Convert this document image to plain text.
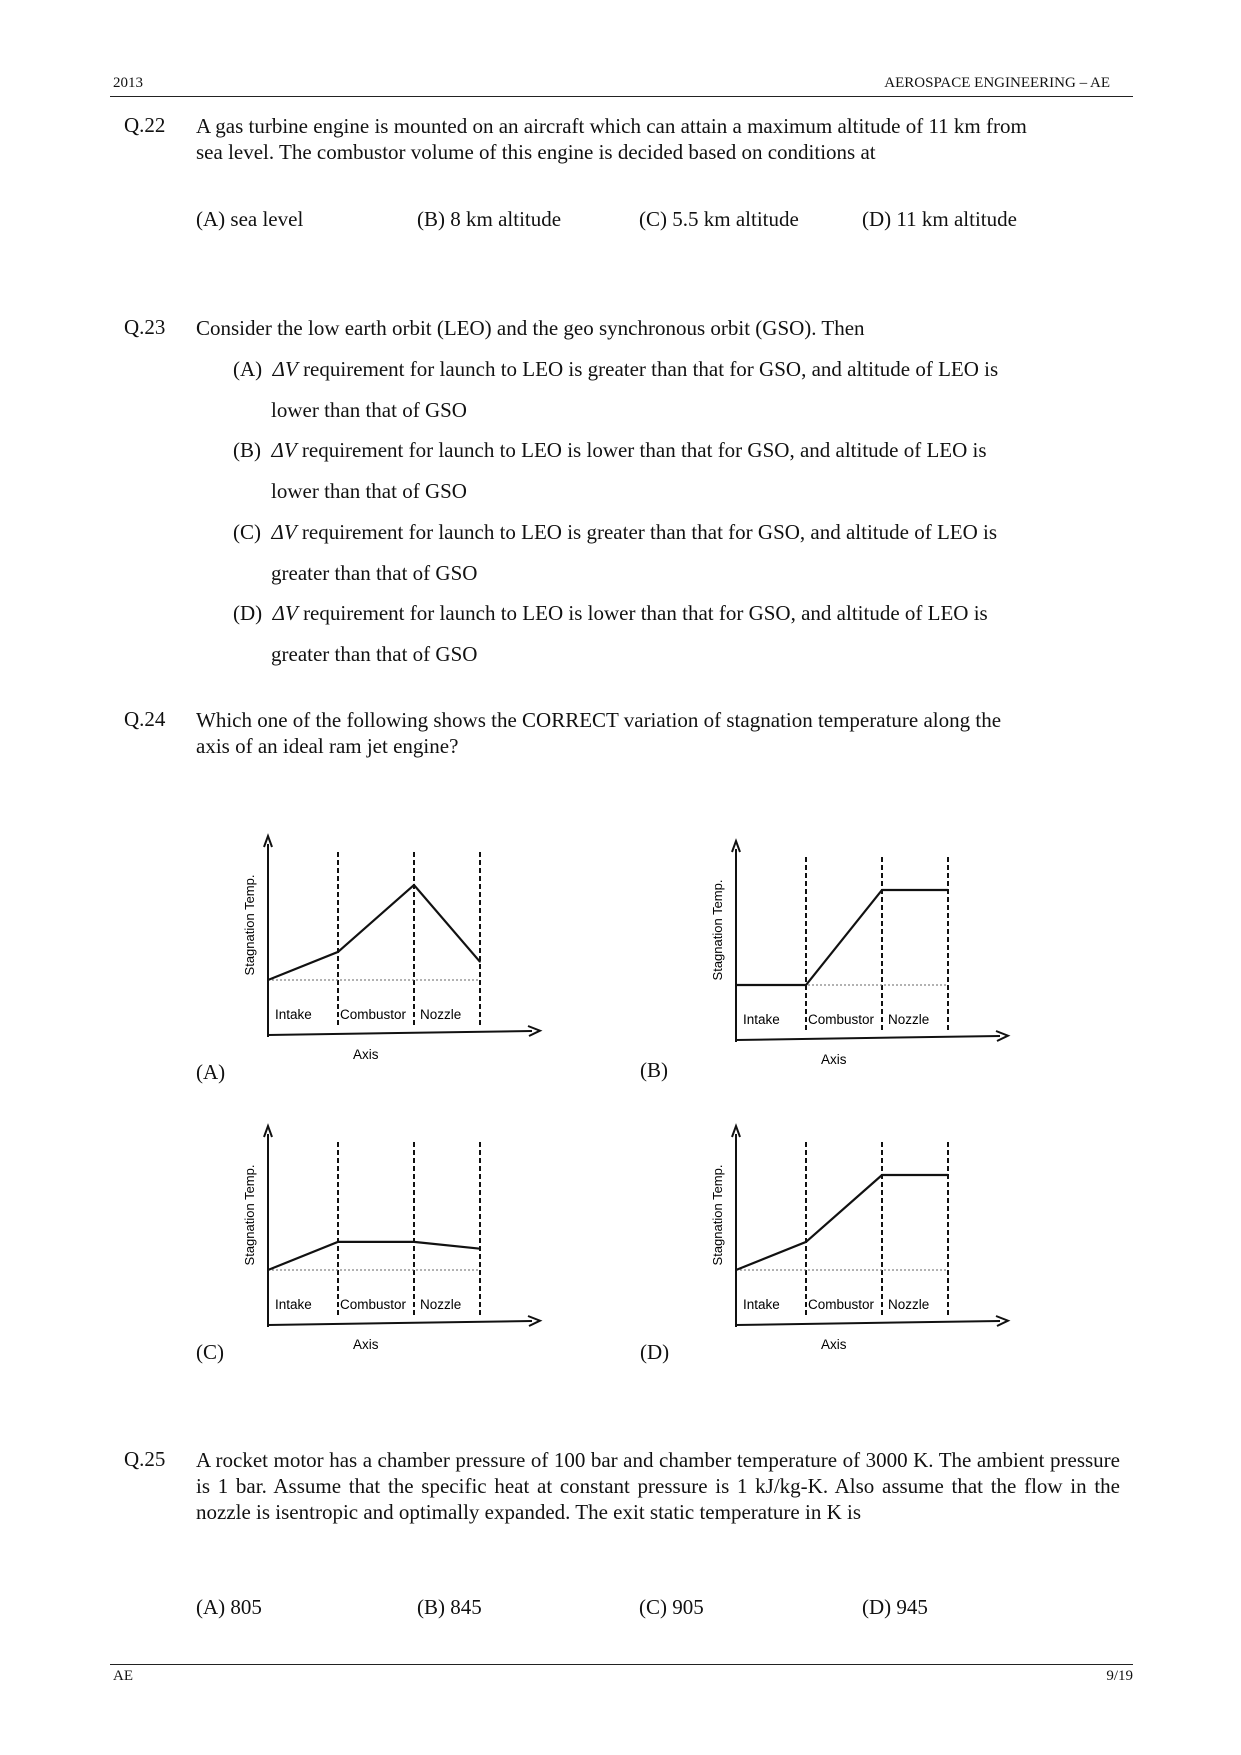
2013	AEROSPACE ENGINEERING – AE
Q.22 A gas turbine engine is mounted on an aircraft which can attain a maximum altitude of 11 km from
sea level. The combustor volume of this engine is decided based on conditions at
(A) sea level	(B) 8 km altitude	(C) 5.5 km altitude	(D) 11 km altitude
Q.23 Consider the low earth orbit (LEO) and the geo synchronous orbit (GSO). Then
(A) ΔV requirement for launch to LEO is greater than that for GSO, and altitude of LEO is
lower than that of GSO
(B) ΔV requirement for launch to LEO is lower than that for GSO, and altitude of LEO is
lower than that of GSO
(C) ΔV requirement for launch to LEO is greater than that for GSO, and altitude of LEO is
greater than that of GSO
(D) ΔV requirement for launch to LEO is lower than that for GSO, and altitude of LEO is
greater than that of GSO
Q.24 Which one of the following shows the CORRECT variation of stagnation temperature along the
axis of an ideal ram jet engine?
Stagnation Temp.
Intake Combustor Nozzle
Axis
(A)
Stagnation Temp.
Intake Combustor Nozzle
Axis
(B)
Stagnation Temp.
Intake Combustor Nozzle
Axis
(C)
Stagnation Temp.
Intake Combustor Nozzle
Axis
(D)
Q.25 A rocket motor has a chamber pressure of 100 bar and chamber temperature of 3000 K. The ambient pressure is 1 bar. Assume that the specific heat at constant pressure is 1 kJ/kg-K. Also assume that the flow in the nozzle is isentropic and optimally expanded. The exit static temperature in K is
(A) 805	(B) 845	(C) 905	(D) 945
AE	9/19
